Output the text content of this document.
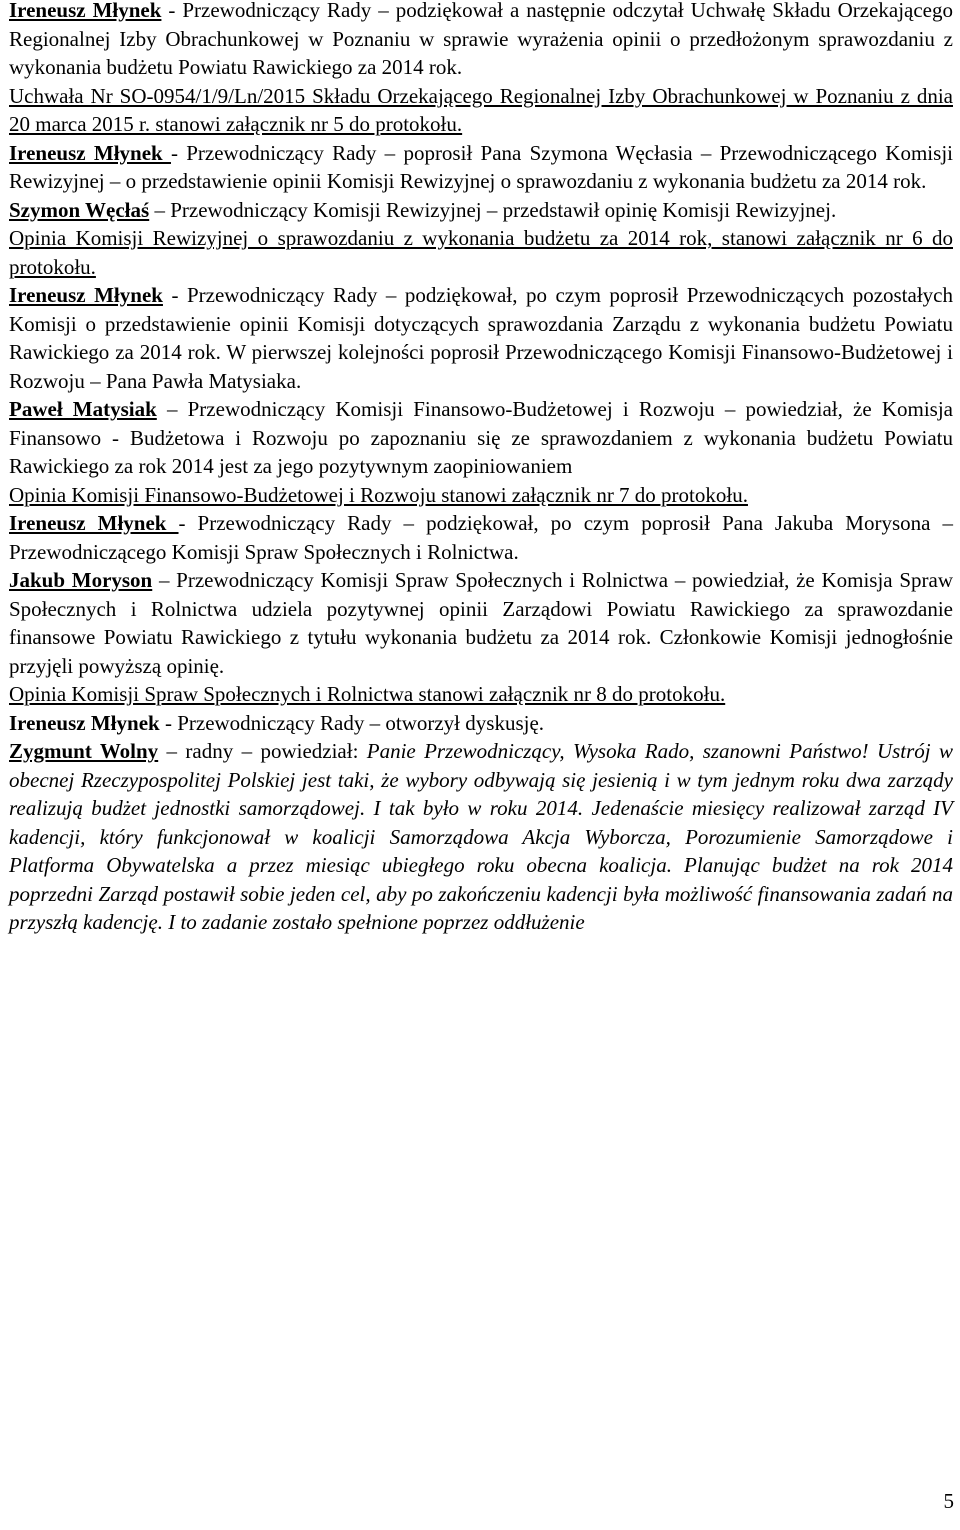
Ireneusz Młynek - Przewodniczący Rady – podziękował a następnie odczytał Uchwałę Składu Orzekającego Regionalnej Izby Obrachunkowej w Poznaniu w sprawie wyrażenia opinii o przedłożonym sprawozdaniu z wykonania budżetu Powiatu Rawickiego za 2014 rok.

Uchwała Nr SO-0954/1/9/Ln/2015 Składu Orzekającego Regionalnej Izby Obrachunkowej w Poznaniu z dnia 20 marca 2015 r. stanowi załącznik nr 5 do protokołu.

Ireneusz Młynek - Przewodniczący Rady – poprosił Pana Szymona Węcłasia – Przewodniczącego Komisji Rewizyjnej – o przedstawienie opinii Komisji Rewizyjnej o sprawozdaniu z wykonania budżetu za 2014 rok.

Szymon Węcłaś – Przewodniczący Komisji Rewizyjnej – przedstawił opinię Komisji Rewizyjnej.

Opinia Komisji Rewizyjnej o sprawozdaniu z wykonania budżetu za 2014 rok, stanowi załącznik nr 6 do protokołu.

Ireneusz Młynek - Przewodniczący Rady – podziękował, po czym poprosił Przewodniczących pozostałych Komisji o przedstawienie opinii Komisji dotyczących sprawozdania Zarządu z wykonania budżetu Powiatu Rawickiego za 2014 rok. W pierwszej kolejności poprosił Przewodniczącego Komisji Finansowo-Budżetowej i Rozwoju – Pana Pawła Matysiaka.

Paweł Matysiak – Przewodniczący Komisji Finansowo-Budżetowej i Rozwoju – powiedział, że Komisja Finansowo - Budżetowa i Rozwoju po zapoznaniu się ze sprawozdaniem z wykonania budżetu Powiatu Rawickiego za rok 2014 jest za jego pozytywnym zaopiniowaniem

Opinia Komisji Finansowo-Budżetowej i Rozwoju stanowi załącznik nr 7 do protokołu.

Ireneusz Młynek - Przewodniczący Rady – podziękował, po czym poprosił Pana Jakuba Morysona – Przewodniczącego Komisji Spraw Społecznych i Rolnictwa.

Jakub Moryson – Przewodniczący Komisji Spraw Społecznych i Rolnictwa – powiedział, że Komisja Spraw Społecznych i Rolnictwa udziela pozytywnej opinii Zarządowi Powiatu Rawickiego za sprawozdanie finansowe Powiatu Rawickiego z tytułu wykonania budżetu za 2014 rok. Członkowie Komisji jednogłośnie przyjęli powyższą opinię.

Opinia Komisji Spraw Społecznych i Rolnictwa stanowi załącznik nr 8 do protokołu.

Ireneusz Młynek - Przewodniczący Rady – otworzył dyskusję.

Zygmunt Wolny – radny – powiedział: Panie Przewodniczący, Wysoka Rado, szanowni Państwo! Ustrój w obecnej Rzeczypospolitej Polskiej jest taki, że wybory odbywają się jesienią i w tym jednym roku dwa zarządy realizują budżet jednostki samorządowej. I tak było w roku 2014. Jedenaście miesięcy realizował zarząd IV kadencji, który funkcjonował w koalicji Samorządowa Akcja Wyborcza, Porozumienie Samorządowe i Platforma Obywatelska a przez miesiąc ubiegłego roku obecna koalicja. Planując budżet na rok 2014 poprzedni Zarząd postawił sobie jeden cel, aby po zakończeniu kadencji była możliwość finansowania zadań na przyszłą kadencję. I to zadanie zostało spełnione poprzez oddłużenie

5
